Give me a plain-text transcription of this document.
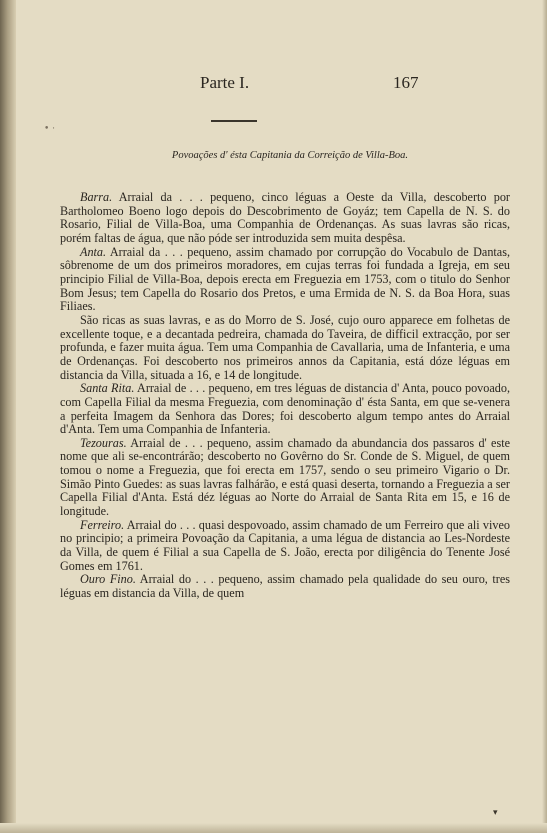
Parte I.	167
• ·
Povoações d' ésta Capitania da Correição de Villa-Boa.

Barra. Arraial da . . . pequeno, cinco léguas a Oeste da Villa, descoberto por Bartholomeo Boeno logo depois do Descobrimento de Goyáz; tem Capella de N. S. do Rosario, Filial de Villa-Boa, uma Companhia de Ordenanças. As suas lavras são ricas, porém faltas de água, que não póde ser introduzida sem muita despêsa.

Anta. Arraial da . . . pequeno, assim chamado por corrupção do Vocabulo de Dantas, sôbrenome de um dos primeiros moradores, em cujas terras foi fundada a Igreja, em seu principio Filial de Villa-Boa, depois erecta em Freguezia em 1753, com o titulo do Senhor Bom Jesus; tem Capella do Rosario dos Pretos, e uma Ermida de N. S. da Boa Hora, suas Filiaes.

São ricas as suas lavras, e as do Morro de S. José, cujo ouro apparece em folhetas de excellente toque, e a decantada pedreira, chamada do Taveira, de difficil extracção, por ser profunda, e fazer muita água. Tem uma Companhia de Cavallaria, uma de Infanteria, e uma de Ordenanças. Foi descoberto nos primeiros annos da Capitania, está dóze léguas em distancia da Villa, situada a 16, e 14 de longitude.

Santa Rita. Arraial de . . . pequeno, em tres léguas de distancia d' Anta, pouco povoado, com Capella Filial da mesma Freguezia, com denominação d' ésta Santa, em que se-venera a perfeita Imagem da Senhora das Dores; foi descoberto algum tempo antes do Arraial d'Anta. Tem uma Companhia de Infanteria.

Tezouras. Arraial de . . . pequeno, assim chamado da abundancia dos passaros d' este nome que ali se-encontrárão; descoberto no Govêrno do Sr. Conde de S. Miguel, de quem tomou o nome a Freguezia, que foi erecta em 1757, sendo o seu primeiro Vigario o Dr. Simão Pinto Guedes: as suas lavras falhárão, e está quasi deserta, tornando a Freguezia a ser Capella Filial d'Anta. Está déz léguas ao Norte do Arraial de Santa Rita em 15, e 16 de longitude.

Ferreiro. Arraial do . . . quasi despovoado, assim chamado de um Ferreiro que ali viveo no principio; a primeira Povoação da Capitania, a uma légua de distancia ao Les-Nordeste da Villa, de quem é Filial a sua Capella de S. João, erecta por diligência do Tenente José Gomes em 1761.

Ouro Fino. Arraial do . . . pequeno, assim chamado pela qualidade do seu ouro, tres léguas em distancia da Villa, de quem

▾
